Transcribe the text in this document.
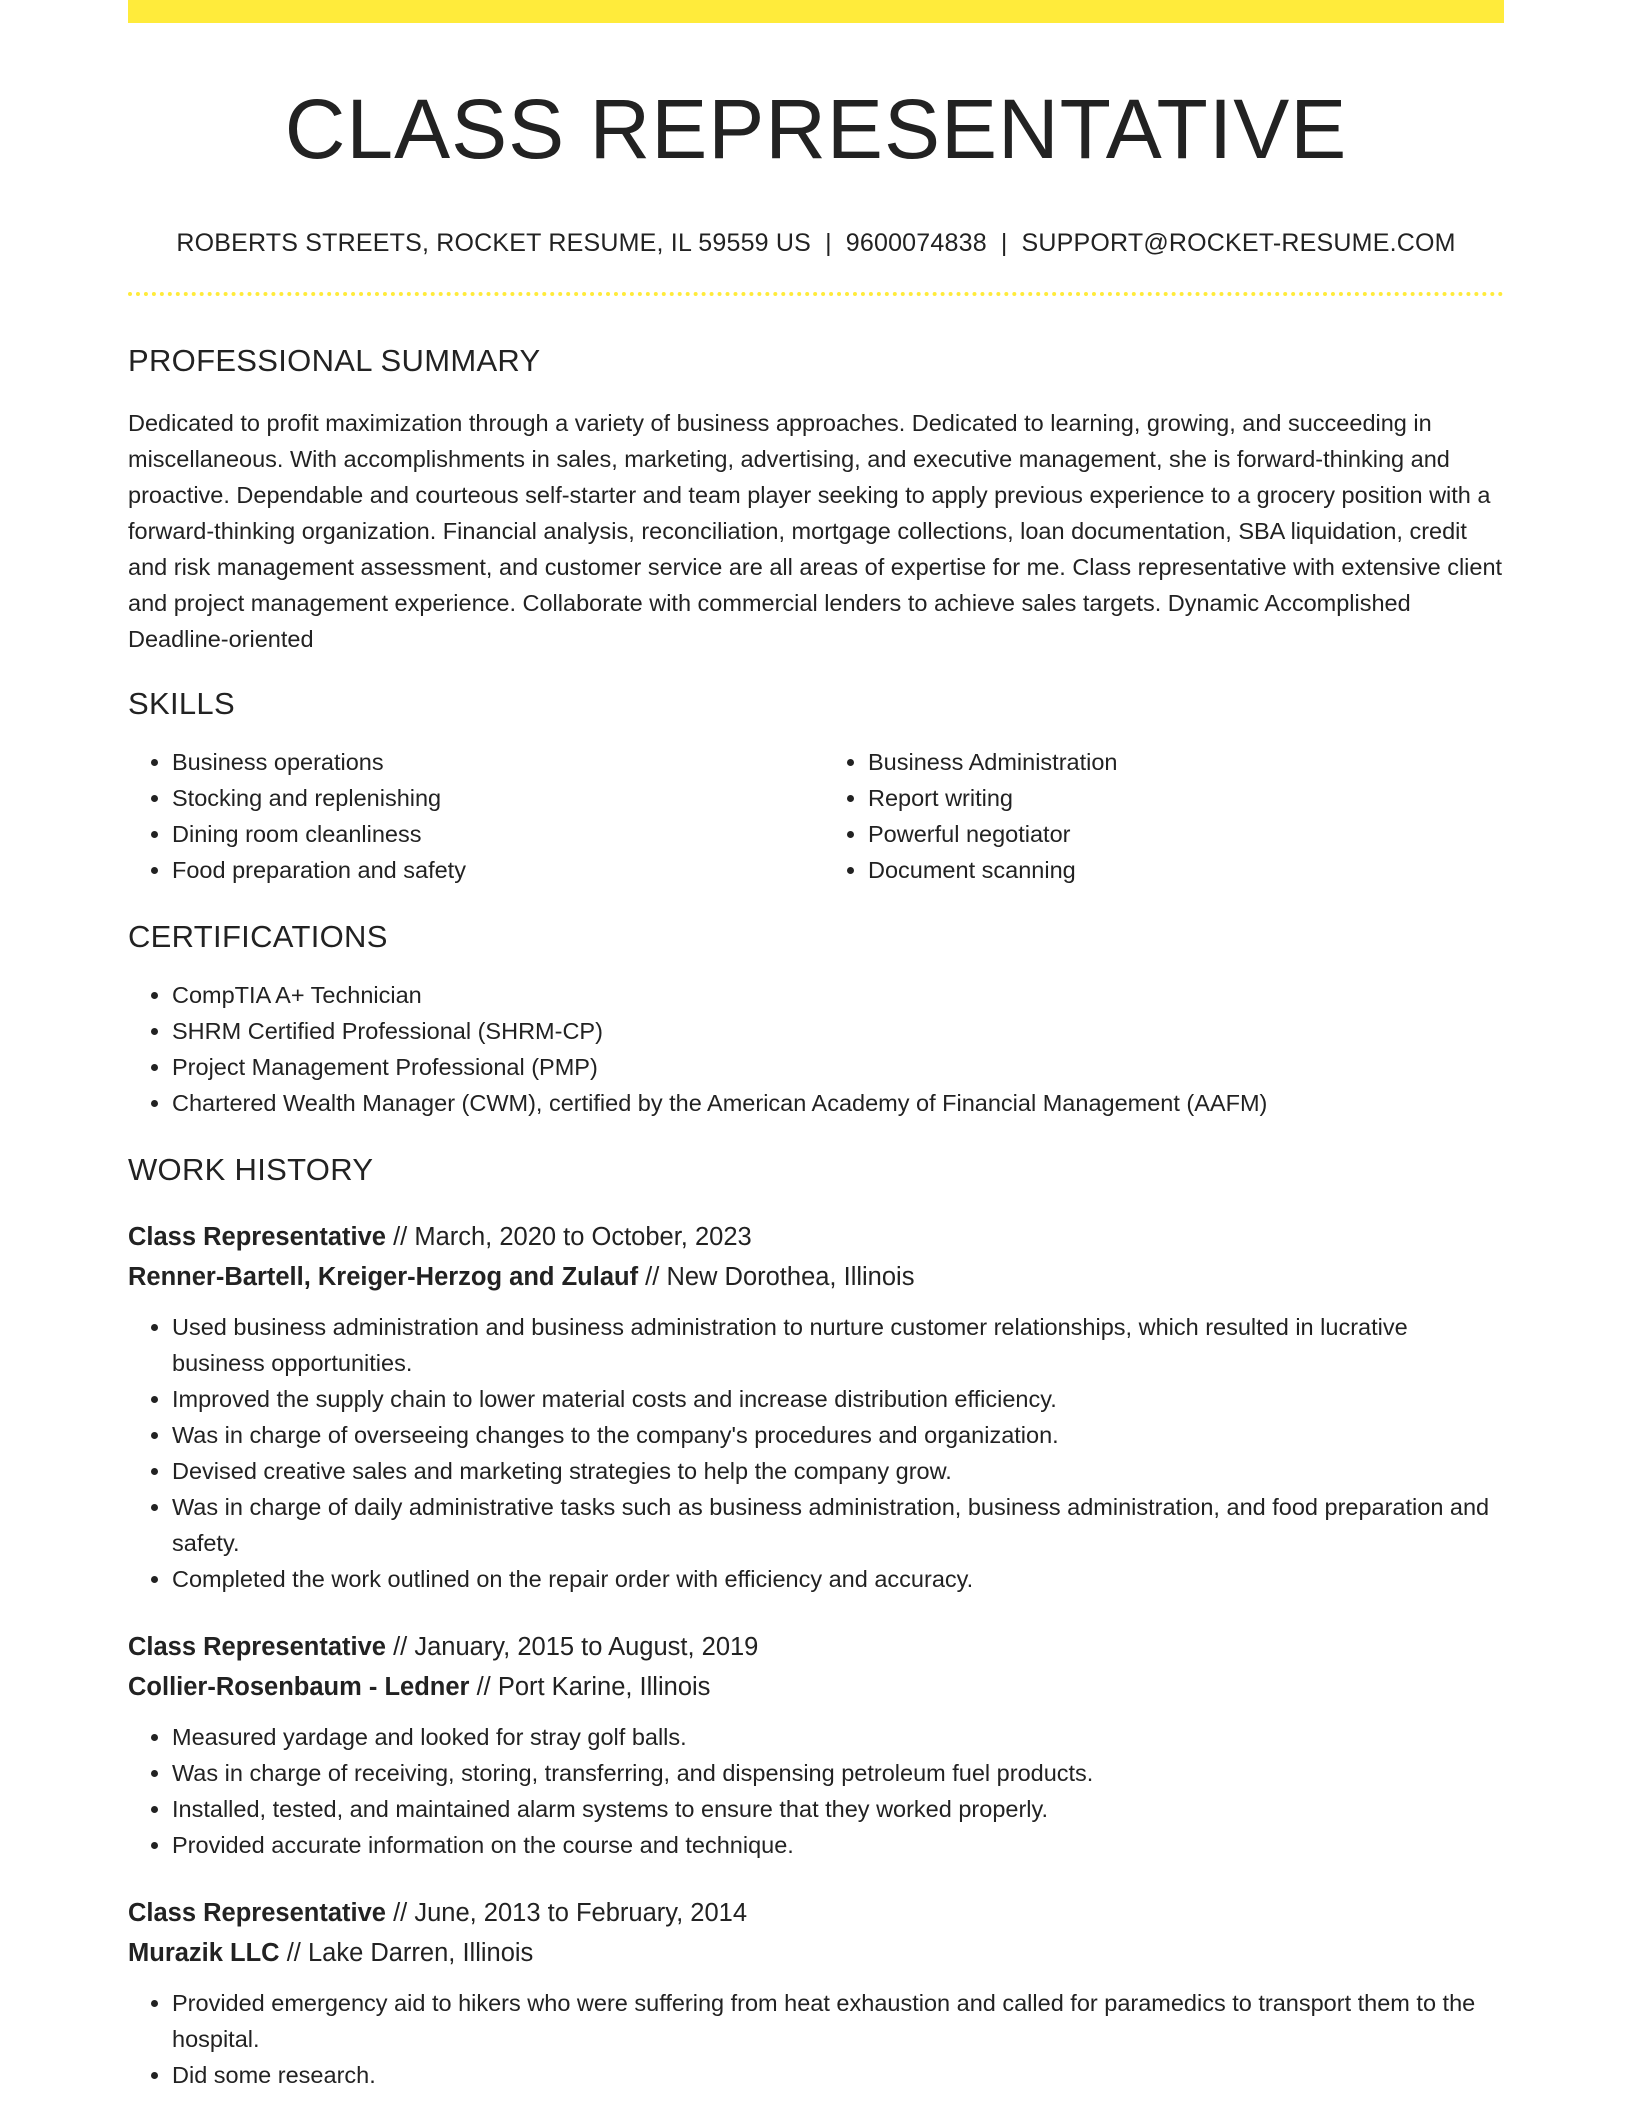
CLASS REPRESENTATIVE
ROBERTS STREETS, ROCKET RESUME, IL 59559 US | 9600074838 | SUPPORT@ROCKET-RESUME.COM
PROFESSIONAL SUMMARY

Dedicated to profit maximization through a variety of business approaches. Dedicated to learning, growing, and succeeding in miscellaneous. With accomplishments in sales, marketing, advertising, and executive management, she is forward-thinking and proactive. Dependable and courteous self-starter and team player seeking to apply previous experience to a grocery position with a forward-thinking organization. Financial analysis, reconciliation, mortgage collections, loan documentation, SBA liquidation, credit and risk management assessment, and customer service are all areas of expertise for me. Class representative with extensive client and project management experience. Collaborate with commercial lenders to achieve sales targets. Dynamic Accomplished Deadline-oriented

SKILLS
• Business operations
• Stocking and replenishing
• Dining room cleanliness
• Food preparation and safety
• Business Administration
• Report writing
• Powerful negotiator
• Document scanning
CERTIFICATIONS
• CompTIA A+ Technician
• SHRM Certified Professional (SHRM-CP)
• Project Management Professional (PMP)
• Chartered Wealth Manager (CWM), certified by the American Academy of Financial Management (AAFM)
WORK HISTORY
Class Representative // March, 2020 to October, 2023
Renner-Bartell, Kreiger-Herzog and Zulauf // New Dorothea, Illinois
• Used business administration and business administration to nurture customer relationships, which resulted in lucrative business opportunities.
• Improved the supply chain to lower material costs and increase distribution efficiency.
• Was in charge of overseeing changes to the company's procedures and organization.
• Devised creative sales and marketing strategies to help the company grow.
• Was in charge of daily administrative tasks such as business administration, business administration, and food preparation and safety.
• Completed the work outlined on the repair order with efficiency and accuracy.
Class Representative // January, 2015 to August, 2019
Collier-Rosenbaum - Ledner // Port Karine, Illinois
• Measured yardage and looked for stray golf balls.
• Was in charge of receiving, storing, transferring, and dispensing petroleum fuel products.
• Installed, tested, and maintained alarm systems to ensure that they worked properly.
• Provided accurate information on the course and technique.
Class Representative // June, 2013 to February, 2014
Murazik LLC // Lake Darren, Illinois
• Provided emergency aid to hikers who were suffering from heat exhaustion and called for paramedics to transport them to the hospital.
• Did some research.
